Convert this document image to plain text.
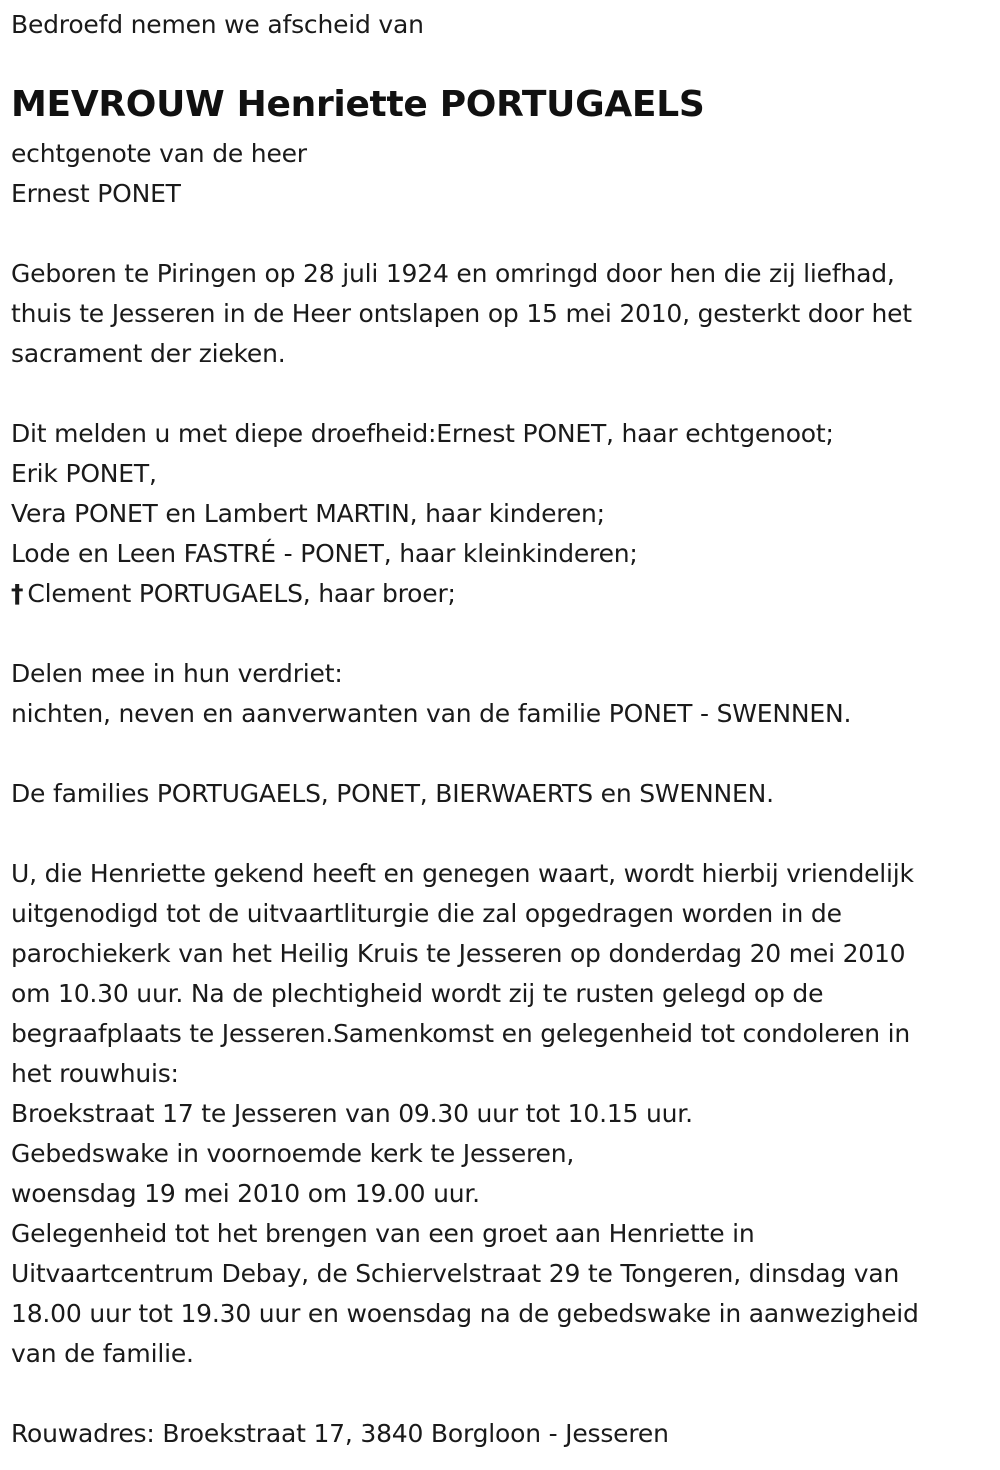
Bedroefd nemen we afscheid van
MEVROUW Henriette PORTUGAELS
echtgenote van de heer
Ernest PONET
Geboren te Piringen op 28 juli 1924 en omringd door hen die zij liefhad,
thuis te Jesseren in de Heer ontslapen op 15 mei 2010, gesterkt door het
sacrament der zieken.
Dit melden u met diepe droefheid:Ernest PONET, haar echtgenoot;
Erik PONET,
Vera PONET en Lambert MARTIN, haar kinderen;
Lode en Leen FASTRÉ - PONET, haar kleinkinderen;
† Clement PORTUGAELS, haar broer;
Delen mee in hun verdriet:
nichten, neven en aanverwanten van de familie PONET - SWENNEN.
De families PORTUGAELS, PONET, BIERWAERTS en SWENNEN.
U, die Henriette gekend heeft en genegen waart, wordt hierbij vriendelijk
uitgenodigd tot de uitvaartliturgie die zal opgedragen worden in de
parochiekerk van het Heilig Kruis te Jesseren op donderdag 20 mei 2010
om 10.30 uur. Na de plechtigheid wordt zij te rusten gelegd op de
begraafplaats te Jesseren.Samenkomst en gelegenheid tot condoleren in
het rouwhuis:
Broekstraat 17 te Jesseren van 09.30 uur tot 10.15 uur.
Gebedswake in voornoemde kerk te Jesseren,
woensdag 19 mei 2010 om 19.00 uur.
Gelegenheid tot het brengen van een groet aan Henriette in
Uitvaartcentrum Debay, de Schiervelstraat 29 te Tongeren, dinsdag van
18.00 uur tot 19.30 uur en woensdag na de gebedswake in aanwezigheid
van de familie.
Rouwadres: Broekstraat 17, 3840 Borgloon - Jesseren
